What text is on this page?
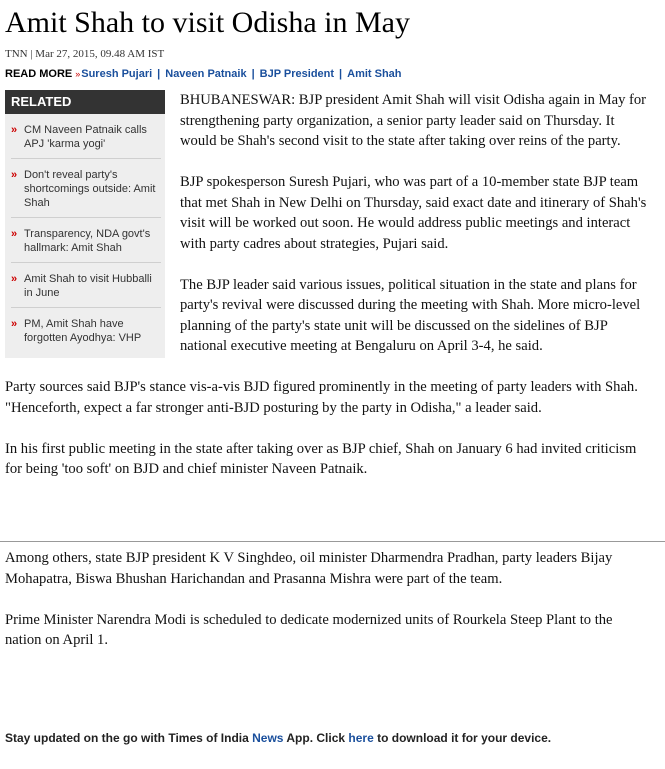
Amit Shah to visit Odisha in May
TNN | Mar 27, 2015, 09.48 AM IST
READ MORE »Suresh Pujari | Naveen Patnaik | BJP President | Amit Shah

BHUBANESWAR: BJP president Amit Shah will visit Odisha again in May for strengthening party organization, a senior party leader said on Thursday. It would be Shah's second visit to the state after taking over reins of the party.

BJP spokesperson Suresh Pujari, who was part of a 10-member state BJP team that met Shah in New Delhi on Thursday, said exact date and itinerary of Shah's visit will be worked out soon. He would address public meetings and interact with party cadres about strategies, Pujari said.

The BJP leader said various issues, political situation in the state and plans for party's revival were discussed during the meeting with Shah. More micro-level planning of the party's state unit will be discussed on the sidelines of BJP national executive meeting at Bengaluru on April 3-4, he said.

Party sources said BJP's stance vis-a-vis BJD figured prominently in the meeting of party leaders with Shah. "Henceforth, expect a far stronger anti-BJD posturing by the party in Odisha," a leader said.

In his first public meeting in the state after taking over as BJP chief, Shah on January 6 had invited criticism for being 'too soft' on BJD and chief minister Naveen Patnaik.

RELATED
» CM Naveen Patnaik calls APJ 'karma yogi'
» Don't reveal party's shortcomings outside: Amit Shah
» Transparency, NDA govt's hallmark: Amit Shah
» Amit Shah to visit Hubballi in June
» PM, Amit Shah have forgotten Ayodhya: VHP

Among others, state BJP president K V Singhdeo, oil minister Dharmendra Pradhan, party leaders Bijay Mohapatra, Biswa Bhushan Harichandan and Prasanna Mishra were part of the team.

Prime Minister Narendra Modi is scheduled to dedicate modernized units of Rourkela Steep Plant to the nation on April 1.

Stay updated on the go with Times of India News App. Click here to download it for your device.
